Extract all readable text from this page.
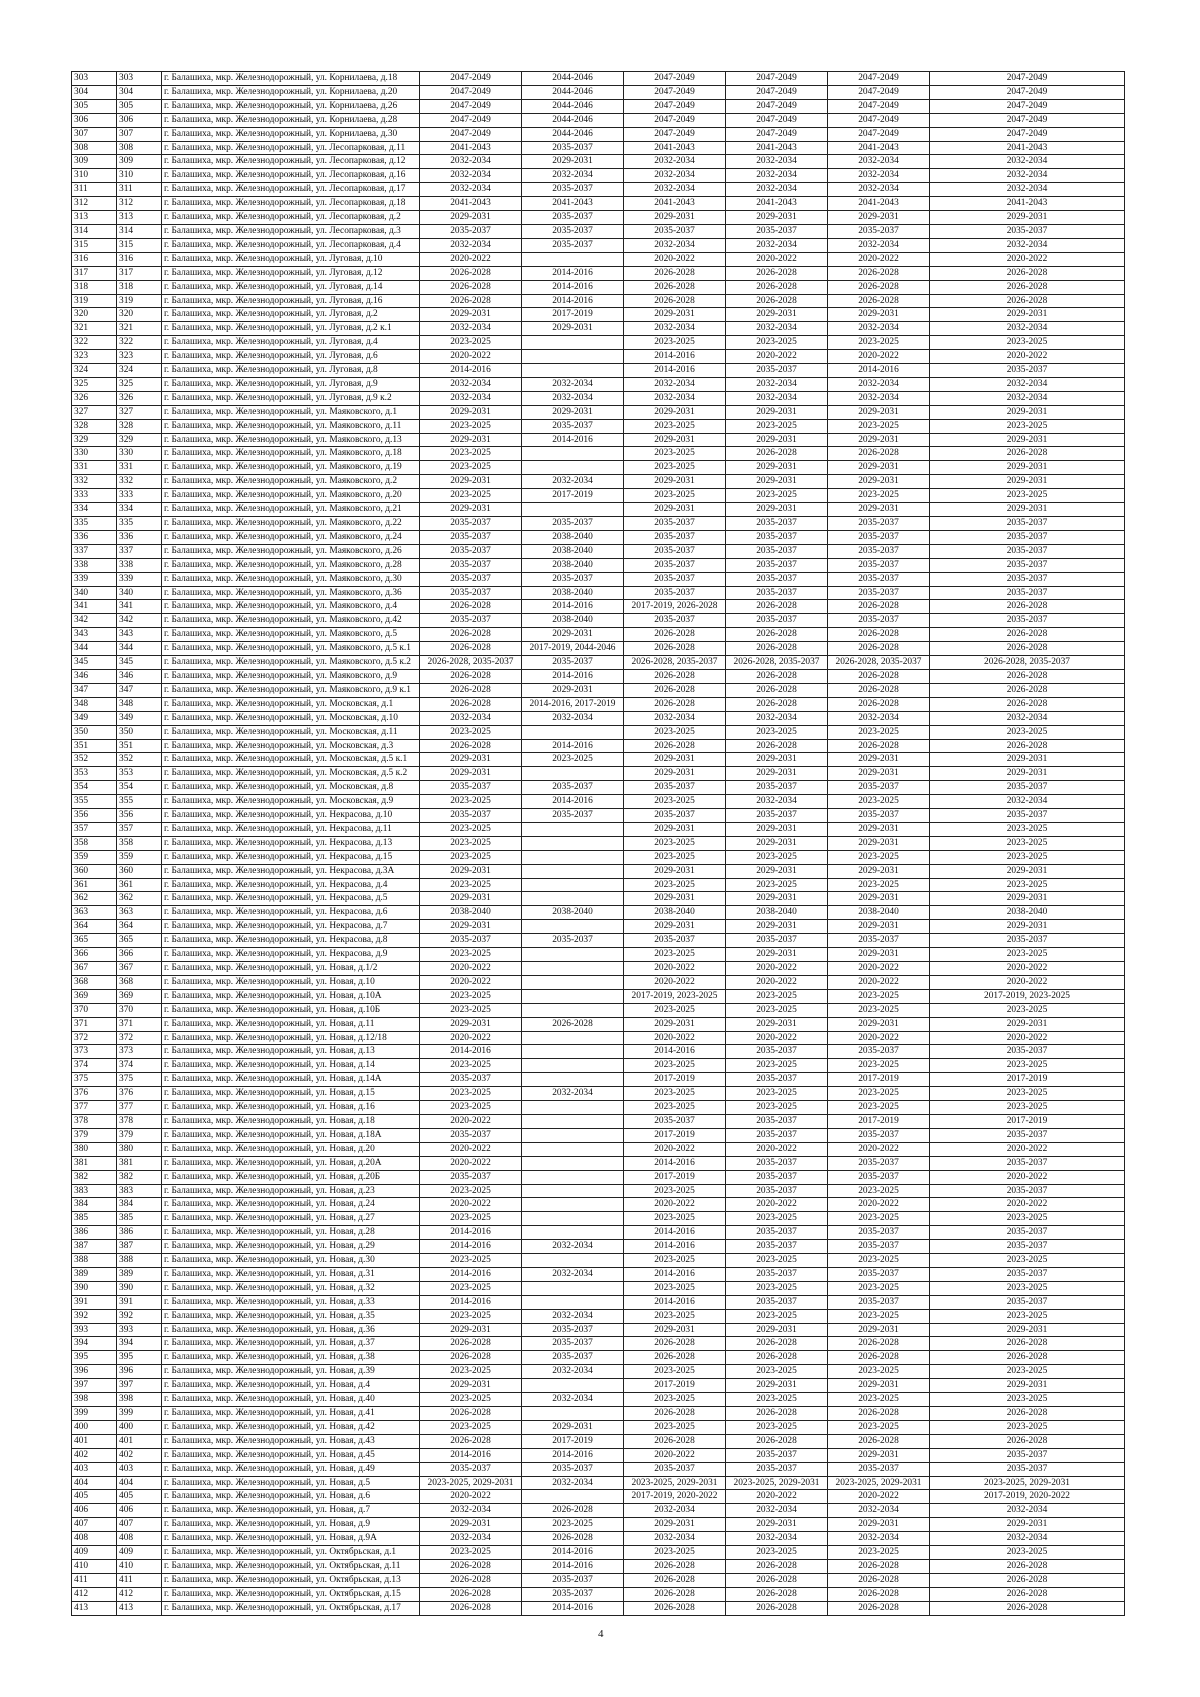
303	303	г. Балашиха, мкр. Железнодорожный, ул. Корнилаева, д.18	2047-2049	2044-2046	2047-2049	2047-2049	2047-2049	2047-2049
304	304	г. Балашиха, мкр. Железнодорожный, ул. Корнилаева, д.20	2047-2049	2044-2046	2047-2049	2047-2049	2047-2049	2047-2049
305	305	г. Балашиха, мкр. Железнодорожный, ул. Корнилаева, д.26	2047-2049	2044-2046	2047-2049	2047-2049	2047-2049	2047-2049
306	306	г. Балашиха, мкр. Железнодорожный, ул. Корнилаева, д.28	2047-2049	2044-2046	2047-2049	2047-2049	2047-2049	2047-2049
307	307	г. Балашиха, мкр. Железнодорожный, ул. Корнилаева, д.30	2047-2049	2044-2046	2047-2049	2047-2049	2047-2049	2047-2049
308	308	г. Балашиха, мкр. Железнодорожный, ул. Лесопарковая, д.11	2041-2043	2035-2037	2041-2043	2041-2043	2041-2043	2041-2043
309	309	г. Балашиха, мкр. Железнодорожный, ул. Лесопарковая, д.12	2032-2034	2029-2031	2032-2034	2032-2034	2032-2034	2032-2034
310	310	г. Балашиха, мкр. Железнодорожный, ул. Лесопарковая, д.16	2032-2034	2032-2034	2032-2034	2032-2034	2032-2034	2032-2034
311	311	г. Балашиха, мкр. Железнодорожный, ул. Лесопарковая, д.17	2032-2034	2035-2037	2032-2034	2032-2034	2032-2034	2032-2034
312	312	г. Балашиха, мкр. Железнодорожный, ул. Лесопарковая, д.18	2041-2043	2041-2043	2041-2043	2041-2043	2041-2043	2041-2043
313	313	г. Балашиха, мкр. Железнодорожный, ул. Лесопарковая, д.2	2029-2031	2035-2037	2029-2031	2029-2031	2029-2031	2029-2031
314	314	г. Балашиха, мкр. Железнодорожный, ул. Лесопарковая, д.3	2035-2037	2035-2037	2035-2037	2035-2037	2035-2037	2035-2037
315	315	г. Балашиха, мкр. Железнодорожный, ул. Лесопарковая, д.4	2032-2034	2035-2037	2032-2034	2032-2034	2032-2034	2032-2034
316	316	г. Балашиха, мкр. Железнодорожный, ул. Луговая, д.10	2020-2022		2020-2022	2020-2022	2020-2022	2020-2022
317	317	г. Балашиха, мкр. Железнодорожный, ул. Луговая, д.12	2026-2028	2014-2016	2026-2028	2026-2028	2026-2028	2026-2028
318	318	г. Балашиха, мкр. Железнодорожный, ул. Луговая, д.14	2026-2028	2014-2016	2026-2028	2026-2028	2026-2028	2026-2028
319	319	г. Балашиха, мкр. Железнодорожный, ул. Луговая, д.16	2026-2028	2014-2016	2026-2028	2026-2028	2026-2028	2026-2028
320	320	г. Балашиха, мкр. Железнодорожный, ул. Луговая, д.2	2029-2031	2017-2019	2029-2031	2029-2031	2029-2031	2029-2031
321	321	г. Балашиха, мкр. Железнодорожный, ул. Луговая, д.2 к.1	2032-2034	2029-2031	2032-2034	2032-2034	2032-2034	2032-2034
322	322	г. Балашиха, мкр. Железнодорожный, ул. Луговая, д.4	2023-2025		2023-2025	2023-2025	2023-2025	2023-2025
323	323	г. Балашиха, мкр. Железнодорожный, ул. Луговая, д.6	2020-2022		2014-2016	2020-2022	2020-2022	2020-2022
324	324	г. Балашиха, мкр. Железнодорожный, ул. Луговая, д.8	2014-2016		2014-2016	2035-2037	2014-2016	2035-2037
325	325	г. Балашиха, мкр. Железнодорожный, ул. Луговая, д.9	2032-2034	2032-2034	2032-2034	2032-2034	2032-2034	2032-2034
326	326	г. Балашиха, мкр. Железнодорожный, ул. Луговая, д.9 к.2	2032-2034	2032-2034	2032-2034	2032-2034	2032-2034	2032-2034
327	327	г. Балашиха, мкр. Железнодорожный, ул. Маяковского, д.1	2029-2031	2029-2031	2029-2031	2029-2031	2029-2031	2029-2031
328	328	г. Балашиха, мкр. Железнодорожный, ул. Маяковского, д.11	2023-2025	2035-2037	2023-2025	2023-2025	2023-2025	2023-2025
329	329	г. Балашиха, мкр. Железнодорожный, ул. Маяковского, д.13	2029-2031	2014-2016	2029-2031	2029-2031	2029-2031	2029-2031
330	330	г. Балашиха, мкр. Железнодорожный, ул. Маяковского, д.18	2023-2025		2023-2025	2026-2028	2026-2028	2026-2028
331	331	г. Балашиха, мкр. Железнодорожный, ул. Маяковского, д.19	2023-2025		2023-2025	2029-2031	2029-2031	2029-2031
332	332	г. Балашиха, мкр. Железнодорожный, ул. Маяковского, д.2	2029-2031	2032-2034	2029-2031	2029-2031	2029-2031	2029-2031
333	333	г. Балашиха, мкр. Железнодорожный, ул. Маяковского, д.20	2023-2025	2017-2019	2023-2025	2023-2025	2023-2025	2023-2025
334	334	г. Балашиха, мкр. Железнодорожный, ул. Маяковского, д.21	2029-2031		2029-2031	2029-2031	2029-2031	2029-2031
335	335	г. Балашиха, мкр. Железнодорожный, ул. Маяковского, д.22	2035-2037	2035-2037	2035-2037	2035-2037	2035-2037	2035-2037
336	336	г. Балашиха, мкр. Железнодорожный, ул. Маяковского, д.24	2035-2037	2038-2040	2035-2037	2035-2037	2035-2037	2035-2037
337	337	г. Балашиха, мкр. Железнодорожный, ул. Маяковского, д.26	2035-2037	2038-2040	2035-2037	2035-2037	2035-2037	2035-2037
338	338	г. Балашиха, мкр. Железнодорожный, ул. Маяковского, д.28	2035-2037	2038-2040	2035-2037	2035-2037	2035-2037	2035-2037
339	339	г. Балашиха, мкр. Железнодорожный, ул. Маяковского, д.30	2035-2037	2035-2037	2035-2037	2035-2037	2035-2037	2035-2037
340	340	г. Балашиха, мкр. Железнодорожный, ул. Маяковского, д.36	2035-2037	2038-2040	2035-2037	2035-2037	2035-2037	2035-2037
341	341	г. Балашиха, мкр. Железнодорожный, ул. Маяковского, д.4	2026-2028	2014-2016	2017-2019, 2026-2028	2026-2028	2026-2028	2026-2028
342	342	г. Балашиха, мкр. Железнодорожный, ул. Маяковского, д.42	2035-2037	2038-2040	2035-2037	2035-2037	2035-2037	2035-2037
343	343	г. Балашиха, мкр. Железнодорожный, ул. Маяковского, д.5	2026-2028	2029-2031	2026-2028	2026-2028	2026-2028	2026-2028
344	344	г. Балашиха, мкр. Железнодорожный, ул. Маяковского, д.5 к.1	2026-2028	2017-2019, 2044-2046	2026-2028	2026-2028	2026-2028	2026-2028
345	345	г. Балашиха, мкр. Железнодорожный, ул. Маяковского, д.5 к.2	2026-2028, 2035-2037	2035-2037	2026-2028, 2035-2037	2026-2028, 2035-2037	2026-2028, 2035-2037	2026-2028, 2035-2037
346	346	г. Балашиха, мкр. Железнодорожный, ул. Маяковского, д.9	2026-2028	2014-2016	2026-2028	2026-2028	2026-2028	2026-2028
347	347	г. Балашиха, мкр. Железнодорожный, ул. Маяковского, д.9 к.1	2026-2028	2029-2031	2026-2028	2026-2028	2026-2028	2026-2028
348	348	г. Балашиха, мкр. Железнодорожный, ул. Московская, д.1	2026-2028	2014-2016, 2017-2019	2026-2028	2026-2028	2026-2028	2026-2028
349	349	г. Балашиха, мкр. Железнодорожный, ул. Московская, д.10	2032-2034	2032-2034	2032-2034	2032-2034	2032-2034	2032-2034
350	350	г. Балашиха, мкр. Железнодорожный, ул. Московская, д.11	2023-2025		2023-2025	2023-2025	2023-2025	2023-2025
351	351	г. Балашиха, мкр. Железнодорожный, ул. Московская, д.3	2026-2028	2014-2016	2026-2028	2026-2028	2026-2028	2026-2028
352	352	г. Балашиха, мкр. Железнодорожный, ул. Московская, д.5 к.1	2029-2031	2023-2025	2029-2031	2029-2031	2029-2031	2029-2031
353	353	г. Балашиха, мкр. Железнодорожный, ул. Московская, д.5 к.2	2029-2031		2029-2031	2029-2031	2029-2031	2029-2031
354	354	г. Балашиха, мкр. Железнодорожный, ул. Московская, д.8	2035-2037	2035-2037	2035-2037	2035-2037	2035-2037	2035-2037
355	355	г. Балашиха, мкр. Железнодорожный, ул. Московская, д.9	2023-2025	2014-2016	2023-2025	2032-2034	2023-2025	2032-2034
356	356	г. Балашиха, мкр. Железнодорожный, ул. Некрасова, д.10	2035-2037	2035-2037	2035-2037	2035-2037	2035-2037	2035-2037
357	357	г. Балашиха, мкр. Железнодорожный, ул. Некрасова, д.11	2023-2025		2029-2031	2029-2031	2029-2031	2023-2025
358	358	г. Балашиха, мкр. Железнодорожный, ул. Некрасова, д.13	2023-2025		2023-2025	2029-2031	2029-2031	2023-2025
359	359	г. Балашиха, мкр. Железнодорожный, ул. Некрасова, д.15	2023-2025		2023-2025	2023-2025	2023-2025	2023-2025
360	360	г. Балашиха, мкр. Железнодорожный, ул. Некрасова, д.3А	2029-2031		2029-2031	2029-2031	2029-2031	2029-2031
361	361	г. Балашиха, мкр. Железнодорожный, ул. Некрасова, д.4	2023-2025		2023-2025	2023-2025	2023-2025	2023-2025
362	362	г. Балашиха, мкр. Железнодорожный, ул. Некрасова, д.5	2029-2031		2029-2031	2029-2031	2029-2031	2029-2031
363	363	г. Балашиха, мкр. Железнодорожный, ул. Некрасова, д.6	2038-2040	2038-2040	2038-2040	2038-2040	2038-2040	2038-2040
364	364	г. Балашиха, мкр. Железнодорожный, ул. Некрасова, д.7	2029-2031		2029-2031	2029-2031	2029-2031	2029-2031
365	365	г. Балашиха, мкр. Железнодорожный, ул. Некрасова, д.8	2035-2037	2035-2037	2035-2037	2035-2037	2035-2037	2035-2037
366	366	г. Балашиха, мкр. Железнодорожный, ул. Некрасова, д.9	2023-2025		2023-2025	2029-2031	2029-2031	2023-2025
367	367	г. Балашиха, мкр. Железнодорожный, ул. Новая, д.1/2	2020-2022		2020-2022	2020-2022	2020-2022	2020-2022
368	368	г. Балашиха, мкр. Железнодорожный, ул. Новая, д.10	2020-2022		2020-2022	2020-2022	2020-2022	2020-2022
369	369	г. Балашиха, мкр. Железнодорожный, ул. Новая, д.10А	2023-2025		2017-2019, 2023-2025	2023-2025	2023-2025	2017-2019, 2023-2025
370	370	г. Балашиха, мкр. Железнодорожный, ул. Новая, д.10Б	2023-2025		2023-2025	2023-2025	2023-2025	2023-2025
371	371	г. Балашиха, мкр. Железнодорожный, ул. Новая, д.11	2029-2031	2026-2028	2029-2031	2029-2031	2029-2031	2029-2031
372	372	г. Балашиха, мкр. Железнодорожный, ул. Новая, д.12/18	2020-2022		2020-2022	2020-2022	2020-2022	2020-2022
373	373	г. Балашиха, мкр. Железнодорожный, ул. Новая, д.13	2014-2016		2014-2016	2035-2037	2035-2037	2035-2037
374	374	г. Балашиха, мкр. Железнодорожный, ул. Новая, д.14	2023-2025		2023-2025	2023-2025	2023-2025	2023-2025
375	375	г. Балашиха, мкр. Железнодорожный, ул. Новая, д.14А	2035-2037		2017-2019	2035-2037	2017-2019	2017-2019
376	376	г. Балашиха, мкр. Железнодорожный, ул. Новая, д.15	2023-2025	2032-2034	2023-2025	2023-2025	2023-2025	2023-2025
377	377	г. Балашиха, мкр. Железнодорожный, ул. Новая, д.16	2023-2025		2023-2025	2023-2025	2023-2025	2023-2025
378	378	г. Балашиха, мкр. Железнодорожный, ул. Новая, д.18	2020-2022		2035-2037	2035-2037	2017-2019	2017-2019
379	379	г. Балашиха, мкр. Железнодорожный, ул. Новая, д.18А	2035-2037		2017-2019	2035-2037	2035-2037	2035-2037
380	380	г. Балашиха, мкр. Железнодорожный, ул. Новая, д.20	2020-2022		2020-2022	2020-2022	2020-2022	2020-2022
381	381	г. Балашиха, мкр. Железнодорожный, ул. Новая, д.20А	2020-2022		2014-2016	2035-2037	2035-2037	2035-2037
382	382	г. Балашиха, мкр. Железнодорожный, ул. Новая, д.20Б	2035-2037		2017-2019	2035-2037	2035-2037	2020-2022
383	383	г. Балашиха, мкр. Железнодорожный, ул. Новая, д.23	2023-2025		2023-2025	2035-2037	2023-2025	2035-2037
384	384	г. Балашиха, мкр. Железнодорожный, ул. Новая, д.24	2020-2022		2020-2022	2020-2022	2020-2022	2020-2022
385	385	г. Балашиха, мкр. Железнодорожный, ул. Новая, д.27	2023-2025		2023-2025	2023-2025	2023-2025	2023-2025
386	386	г. Балашиха, мкр. Железнодорожный, ул. Новая, д.28	2014-2016		2014-2016	2035-2037	2035-2037	2035-2037
387	387	г. Балашиха, мкр. Железнодорожный, ул. Новая, д.29	2014-2016	2032-2034	2014-2016	2035-2037	2035-2037	2035-2037
388	388	г. Балашиха, мкр. Железнодорожный, ул. Новая, д.30	2023-2025		2023-2025	2023-2025	2023-2025	2023-2025
389	389	г. Балашиха, мкр. Железнодорожный, ул. Новая, д.31	2014-2016	2032-2034	2014-2016	2035-2037	2035-2037	2035-2037
390	390	г. Балашиха, мкр. Железнодорожный, ул. Новая, д.32	2023-2025		2023-2025	2023-2025	2023-2025	2023-2025
391	391	г. Балашиха, мкр. Железнодорожный, ул. Новая, д.33	2014-2016		2014-2016	2035-2037	2035-2037	2035-2037
392	392	г. Балашиха, мкр. Железнодорожный, ул. Новая, д.35	2023-2025	2032-2034	2023-2025	2023-2025	2023-2025	2023-2025
393	393	г. Балашиха, мкр. Железнодорожный, ул. Новая, д.36	2029-2031	2035-2037	2029-2031	2029-2031	2029-2031	2029-2031
394	394	г. Балашиха, мкр. Железнодорожный, ул. Новая, д.37	2026-2028	2035-2037	2026-2028	2026-2028	2026-2028	2026-2028
395	395	г. Балашиха, мкр. Железнодорожный, ул. Новая, д.38	2026-2028	2035-2037	2026-2028	2026-2028	2026-2028	2026-2028
396	396	г. Балашиха, мкр. Железнодорожный, ул. Новая, д.39	2023-2025	2032-2034	2023-2025	2023-2025	2023-2025	2023-2025
397	397	г. Балашиха, мкр. Железнодорожный, ул. Новая, д.4	2029-2031		2017-2019	2029-2031	2029-2031	2029-2031
398	398	г. Балашиха, мкр. Железнодорожный, ул. Новая, д.40	2023-2025	2032-2034	2023-2025	2023-2025	2023-2025	2023-2025
399	399	г. Балашиха, мкр. Железнодорожный, ул. Новая, д.41	2026-2028		2026-2028	2026-2028	2026-2028	2026-2028
400	400	г. Балашиха, мкр. Железнодорожный, ул. Новая, д.42	2023-2025	2029-2031	2023-2025	2023-2025	2023-2025	2023-2025
401	401	г. Балашиха, мкр. Железнодорожный, ул. Новая, д.43	2026-2028	2017-2019	2026-2028	2026-2028	2026-2028	2026-2028
402	402	г. Балашиха, мкр. Железнодорожный, ул. Новая, д.45	2014-2016	2014-2016	2020-2022	2035-2037	2029-2031	2035-2037
403	403	г. Балашиха, мкр. Железнодорожный, ул. Новая, д.49	2035-2037	2035-2037	2035-2037	2035-2037	2035-2037	2035-2037
404	404	г. Балашиха, мкр. Железнодорожный, ул. Новая, д.5	2023-2025, 2029-2031	2032-2034	2023-2025, 2029-2031	2023-2025, 2029-2031	2023-2025, 2029-2031	2023-2025, 2029-2031
405	405	г. Балашиха, мкр. Железнодорожный, ул. Новая, д.6	2020-2022		2017-2019, 2020-2022	2020-2022	2020-2022	2017-2019, 2020-2022
406	406	г. Балашиха, мкр. Железнодорожный, ул. Новая, д.7	2032-2034	2026-2028	2032-2034	2032-2034	2032-2034	2032-2034
407	407	г. Балашиха, мкр. Железнодорожный, ул. Новая, д.9	2029-2031	2023-2025	2029-2031	2029-2031	2029-2031	2029-2031
408	408	г. Балашиха, мкр. Железнодорожный, ул. Новая, д.9А	2032-2034	2026-2028	2032-2034	2032-2034	2032-2034	2032-2034
409	409	г. Балашиха, мкр. Железнодорожный, ул. Октябрьская, д.1	2023-2025	2014-2016	2023-2025	2023-2025	2023-2025	2023-2025
410	410	г. Балашиха, мкр. Железнодорожный, ул. Октябрьская, д.11	2026-2028	2014-2016	2026-2028	2026-2028	2026-2028	2026-2028
411	411	г. Балашиха, мкр. Железнодорожный, ул. Октябрьская, д.13	2026-2028	2035-2037	2026-2028	2026-2028	2026-2028	2026-2028
412	412	г. Балашиха, мкр. Железнодорожный, ул. Октябрьская, д.15	2026-2028	2035-2037	2026-2028	2026-2028	2026-2028	2026-2028
413	413	г. Балашиха, мкр. Железнодорожный, ул. Октябрьская, д.17	2026-2028	2014-2016	2026-2028	2026-2028	2026-2028	2026-2028
4
